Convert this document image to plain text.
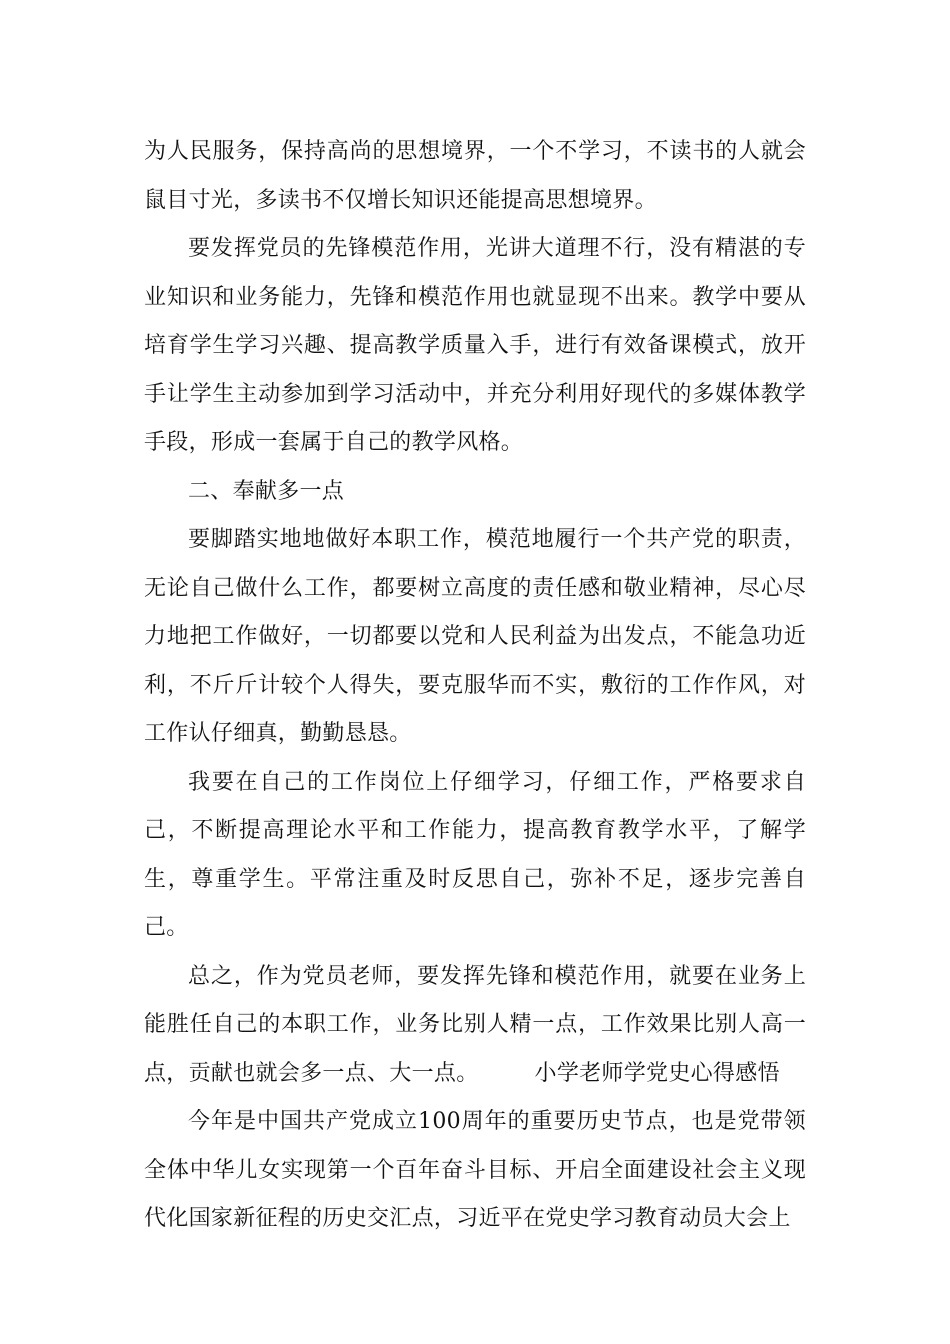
为人民服务，保持高尚的思想境界，一个不学习，不读书的人就会鼠目寸光，多读书不仅增长知识还能提高思想境界。

要发挥党员的先锋模范作用，光讲大道理不行，没有精湛的专业知识和业务能力，先锋和模范作用也就显现不出来。教学中要从培育学生学习兴趣、提高教学质量入手，进行有效备课模式，放开手让学生主动参加到学习活动中，并充分利用好现代的多媒体教学手段，形成一套属于自己的教学风格。

二、奉献多一点

要脚踏实地地做好本职工作，模范地履行一个共产党的职责，无论自己做什么工作，都要树立高度的责任感和敬业精神，尽心尽力地把工作做好，一切都要以党和人民利益为出发点，不能急功近利，不斤斤计较个人得失，要克服华而不实，敷衍的工作作风，对工作认仔细真，勤勤恳恳。

我要在自己的工作岗位上仔细学习，仔细工作，严格要求自己，不断提高理论水平和工作能力，提高教育教学水平，了解学生，尊重学生。平常注重及时反思自己，弥补不足，逐步完善自己。

总之，作为党员老师，要发挥先锋和模范作用，就要在业务上能胜任自己的本职工作，业务比别人精一点，工作效果比别人高一点，贡献也就会多一点、大一点。	小学老师学党史心得感悟

今年是中国共产党成立100周年的重要历史节点，也是党带领全体中华儿女实现第一个百年奋斗目标、开启全面建设社会主义现代化国家新征程的历史交汇点，习近平在党史学习教育动员大会上
